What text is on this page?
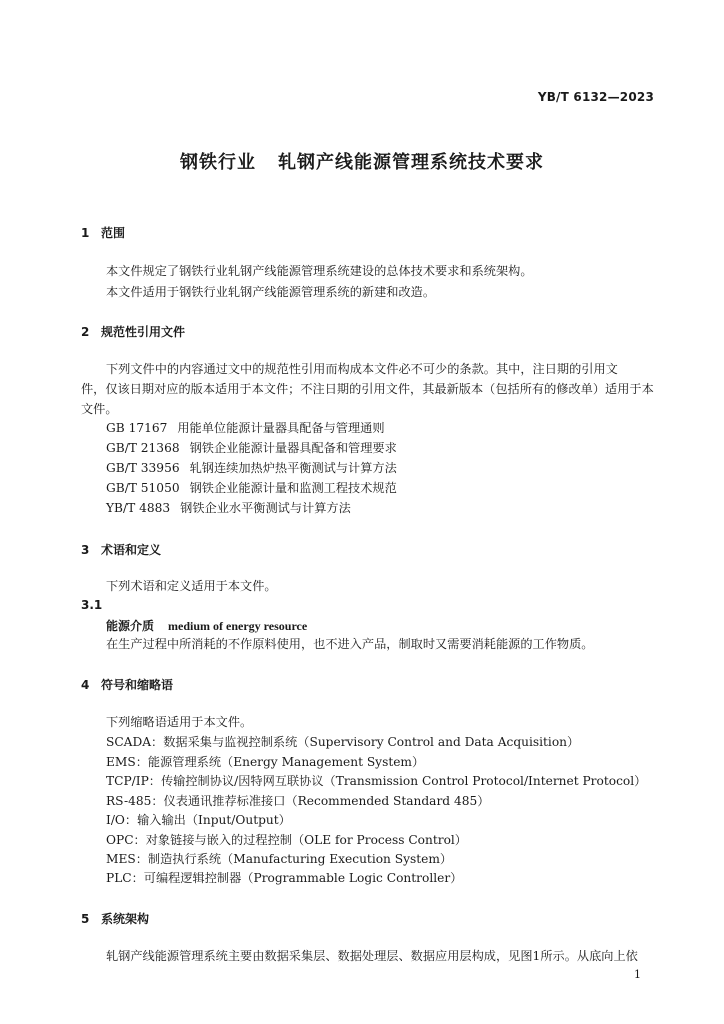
YB/T 6132—2023
钢铁行业 轧钢产线能源管理系统技术要求
1 范围
本文件规定了钢铁行业轧钢产线能源管理系统建设的总体技术要求和系统架构。
本文件适用于钢铁行业轧钢产线能源管理系统的新建和改造。
2 规范性引用文件
下列文件中的内容通过文中的规范性引用而构成本文件必不可少的条款。其中，注日期的引用文
件，仅该日期对应的版本适用于本文件；不注日期的引用文件，其最新版本（包括所有的修改单）适用于本
文件。
GB 17167 用能单位能源计量器具配备与管理通则
GB/T 21368 钢铁企业能源计量器具配备和管理要求
GB/T 33956 轧钢连续加热炉热平衡测试与计算方法
GB/T 51050 钢铁企业能源计量和监测工程技术规范
YB/T 4883 钢铁企业水平衡测试与计算方法
3 术语和定义
下列术语和定义适用于本文件。
3.1
能源介质 medium of energy resource
在生产过程中所消耗的不作原料使用，也不进入产品，制取时又需要消耗能源的工作物质。
4 符号和缩略语
下列缩略语适用于本文件。
SCADA：数据采集与监视控制系统（Supervisory Control and Data Acquisition）
EMS：能源管理系统（Energy Management System）
TCP/IP：传输控制协议/因特网互联协议（Transmission Control Protocol/Internet Protocol）
RS-485：仪表通讯推荐标准接口（Recommended Standard 485）
I/O：输入输出（Input/Output）
OPC：对象链接与嵌入的过程控制（OLE for Process Control）
MES：制造执行系统（Manufacturing Execution System）
PLC：可编程逻辑控制器（Programmable Logic Controller）
5 系统架构
轧钢产线能源管理系统主要由数据采集层、数据处理层、数据应用层构成，见图1所示。从底向上依
1
